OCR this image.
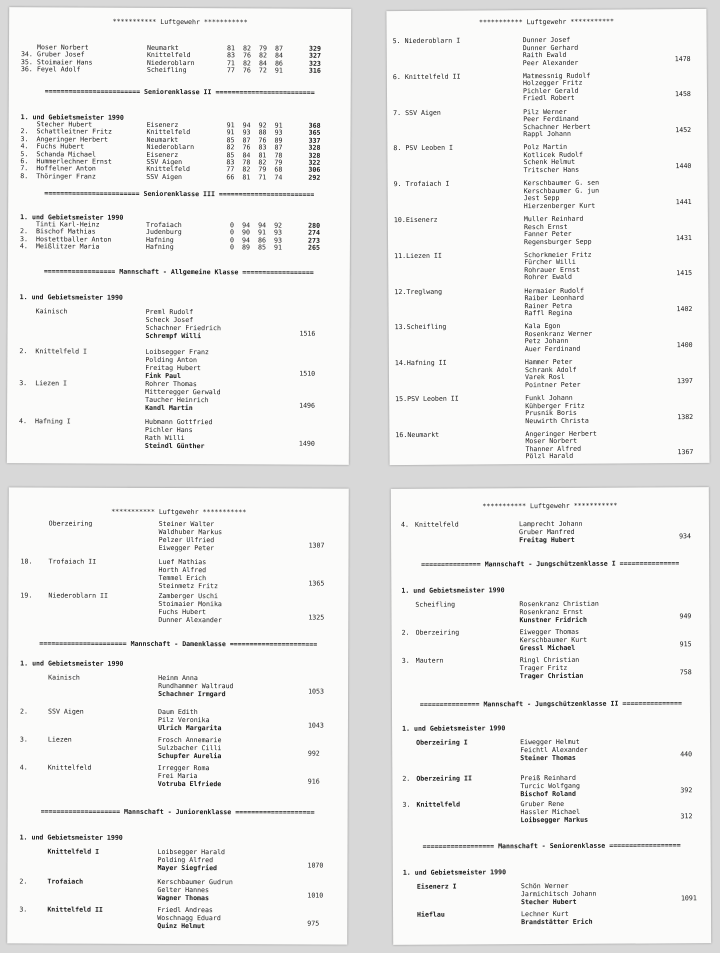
*********** Luftgewehr ***********
Moser Norbert	Neumarkt	81	82	79	87	329
34. Gruber Josef	Knittelfeld	83	76	82	84	327
35. Stoimaier Hans	Niederoblarn	71	82	84	86	323
36. Feyel Adolf	Scheifling	77	76	72	91	316
======================== Seniorenklasse II =========================
1. und Gebietsmeister 1990
Stecher Hubert	Eisenerz	91	94	92	91	368
2. Schattleitner Fritz	Knittelfeld	91	93	88	93	365
3. Angeringer Herbert	Neumarkt	85	87	76	89	337
4. Fuchs Hubert	Niederoblarn	82	76	83	87	328
5. Schanda Michael	Eisenerz	85	84	81	78	328
6. Hummerlechner Ernst	SSV Aigen	83	78	82	79	322
7. Hoffelner Anton	Knittelfeld	77	82	79	68	306
8. Thöringer Franz	SSV Aigen	66	81	71	74	292
======================== Seniorenklasse III ========================
1. und Gebietsmeister 1990
Tinti Karl-Heinz	Trofaiach	0	94	94	92	280
2. Bischof Mathias	Judenburg	0	90	91	93	274
3. Hostettballer Anton	Hafning	0	94	86	93	273
4. Meißlitzer Maria	Hafning	0	89	85	91	265
================== Mannschaft - Allgemeine Klasse ==================
1. und Gebietsmeister 1990
Kainisch	Preml Rudolf
Scheck Josef
Schachner Friedrich
Schrempf Willi	1516
2. Knittelfeld I	Loibsegger Franz
Polding Anton
Freitag Hubert
Fink Paul	1510
3. Liezen I	Rohrer Thomas
Mitteregger Gerwald
Taucher Heinrich
Kandl Martin	1496
4. Hafning I	Hubmann Gottfried
Pichler Hans
Rath Willi
Steindl Günther	1490
*********** Luftgewehr ***********
5. Niederoblarn I	Dunner Josef
Dunner Gerhard
Raith Ewald
Peer Alexander	1478
6. Knittelfeld II	Matmessnig Rudolf
Holzegger Fritz
Pichler Gerald
Friedl Robert	1458
7. SSV Aigen	Pilz Werner
Peer Ferdinand
Schachner Herbert
Rappl Johann	1452
8. PSV Leoben I	Polz Martin
Kotlicek Rudolf
Schenk Helmut
Tritscher Hans	1440
9. Trofaiach I	Kerschbaumer G. sen
Kerschbaumer G. jun
Jest Sepp
Hierzenberger Kurt	1441
10. Eisenerz	Muller Reinhard
Resch Ernst
Fanner Peter
Regensburger Sepp	1431
11. Liezen II	Schorkmeier Fritz
Fürcher Willi
Rohrauer Ernst
Rohrer Ewald	1415
12. Treglwang	Hermaier Rudolf
Raiber Leonhard
Rainer Petra
Raffl Regina	1402
13. Scheifling	Kala Egon
Rosenkranz Werner
Petz Johann
Auer Ferdinand	1400
14. Hafning II	Hammer Peter
Schrank Adolf
Varek Rosl
Pointner Peter	1397
15. PSV Leoben II	Funkl Johann
Kühberger Fritz
Prusnik Boris
Neuwirth Christa	1382
16. Neumarkt	Angeringer Herbert
Moser Norbert
Thanner Alfred
Pölzl Harald	1367
*********** Luftgewehr ***********
Oberzeiring	Steiner Walter
Waldhuber Markus
Pelzer Ulfried
Eiwegger Peter	1307
18. Trofaiach II	Luef Mathias
Horth Alfred
Temmel Erich
Steinmetz Fritz	1365
19. Niederoblarn II	Zamberger Uschi
Stoimaier Monika
Fuchs Hubert
Dunner Alexander	1325
====================== Mannschaft - Damenklasse ======================
1. und Gebietsmeister 1990
Kainisch	Heinm Anna
Rundhammer Waltraud
Schachner Irmgard	1053
2.	SSV Aigen	Daum Edith
Pilz Veronika
Ulrich Margarita	1043
3.	Liezen	Frosch Annemarie
Sulzbacher Cilli
Schupfer Aurelia	992
4.	Knittelfeld	Irregger Roma
Frei Maria
Votruba Elfriede	916
==================== Mannschaft - Juniorenklasse ====================
1. und Gebietsmeister 1990
Knittelfeld I	Loibsegger Harald
Polding Alfred
Mayer Siegfried	1070
2.	Trofaiach	Kerschbaumer Gudrun
Gelter Hannes
Wagner Thomas	1010
3.	Knittelfeld II	Friedl Andreas
Woschnagg Eduard
Quinz Helmut	975
*********** Luftgewehr ***********
4. Knittelfeld	Lamprecht Johann
Gruber Manfred
Freitag Hubert	934
=============== Mannschaft - Jungschützenklasse I ===============
1. und Gebietsmeister 1990
Scheifling	Rosenkranz Christian
Rosenkranz Ernst
Kunstner Fridrich	949
2. Oberzeiring	Eiwegger Thomas
Kerschbaumer Kurt
Gressl Michael	915
3. Mautern	Ringl Christian
Trager Fritz
Trager Christian	758
=============== Mannschaft - Jungschützenklasse II ===============
1. und Gebietsmeister 1990
Oberzeiring I	Eiwegger Helmut
Feichtl Alexander
Steiner Thomas	440
2. Oberzeiring II	Preiß Reinhard
Turcic Wolfgang
Bischof Roland	392
3. Knittelfeld	Gruber Rene
Hassler Michael
Loibsegger Markus	312
================== Mannschaft - Seniorenklasse ==================
1. und Gebietsmeister 1990
Eisenerz I	Schön Werner
Jarmichitsch Johann
Stecher Hubert	1091
Hieflau	Lechner Kurt
Brandstätter Erich
